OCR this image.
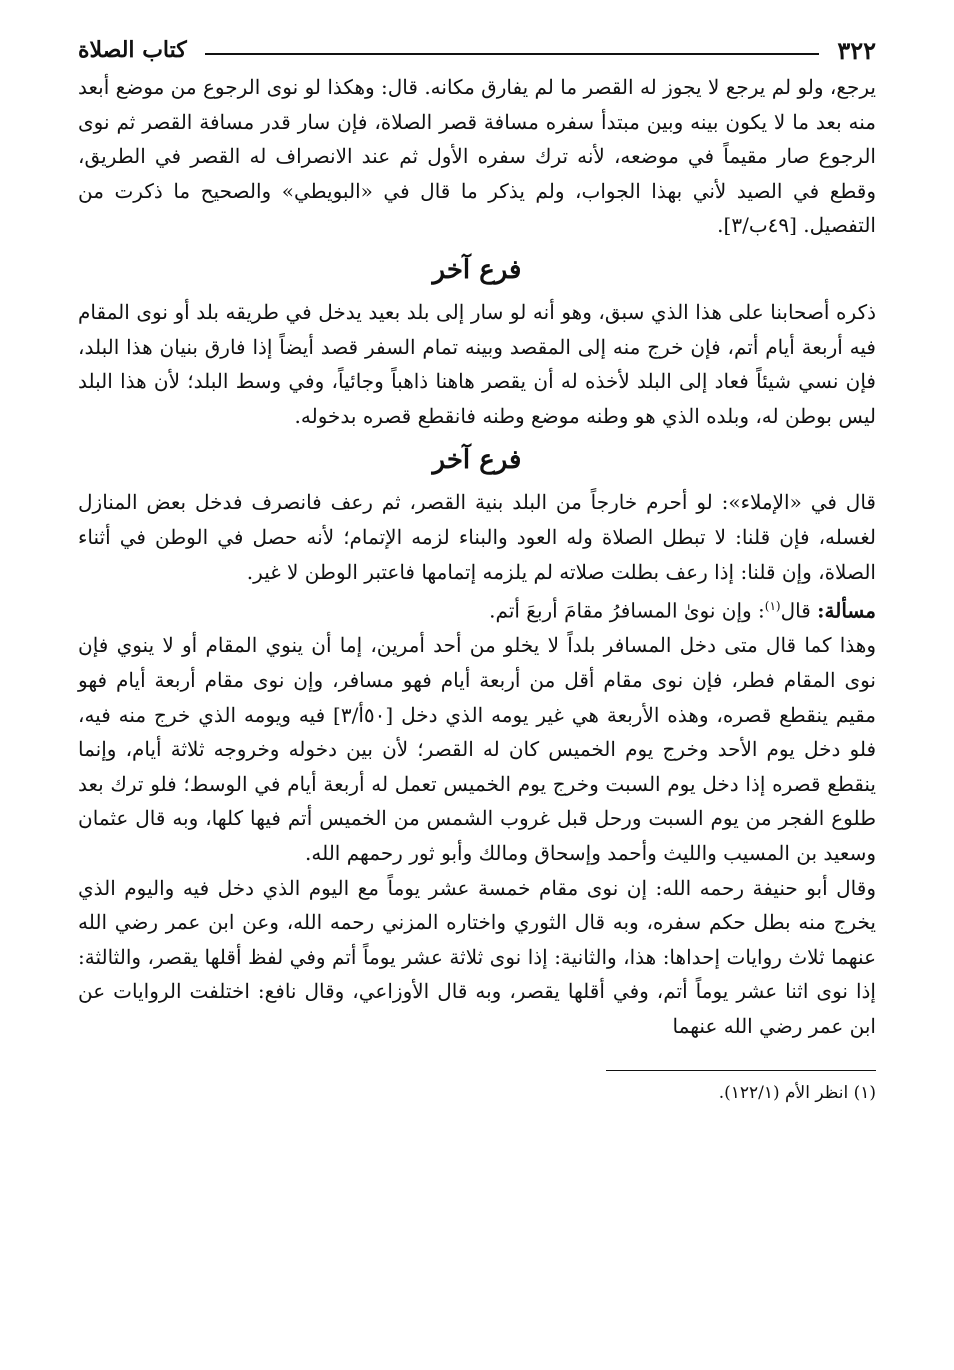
٣٢٢
كتاب الصلاة

يرجع، ولو لم يرجع لا يجوز له القصر ما لم يفارق مكانه. قال: وهكذا لو نوى الرجوع من موضع أبعد منه بعد ما لا يكون بينه وبين مبتدأ سفره مسافة قصر الصلاة، فإن سار قدر مسافة القصر ثم نوى الرجوع صار مقيماً في موضعه، لأنه ترك سفره الأول ثم عند الانصراف له القصر في الطريق، وقطع في الصيد لأني بهذا الجواب، ولم يذكر ما قال في «البويطي» والصحيح ما ذكرت من التفصيل. [٤٩ب/٣].

فرع آخر

ذكره أصحابنا على هذا الذي سبق، وهو أنه لو سار إلى بلد بعيد يدخل في طريقه بلد أو نوى المقام فيه أربعة أيام أتم، فإن خرج منه إلى المقصد وبينه تمام السفر قصد أيضاً إذا فارق بنيان هذا البلد، فإن نسي شيئاً فعاد إلى البلد لأخذه له أن يقصر هاهنا ذاهباً وجائياً، وفي وسط البلد؛ لأن هذا البلد ليس بوطن له، وبلده الذي هو وطنه موضع وطنه فانقطع قصره بدخوله.

فرع آخر

قال في «الإملاء»: لو أحرم خارجاً من البلد بنية القصر، ثم رعف فانصرف فدخل بعض المنازل لغسله، فإن قلنا: لا تبطل الصلاة وله العود والبناء لزمه الإتمام؛ لأنه حصل في الوطن في أثناء الصلاة، وإن قلنا: إذا رعف بطلت صلاته لم يلزمه إتمامها فاعتبر الوطن لا غير.

مسألة: قال$^{(١)}$: وإن نوىٰ المسافرُ مقامَ أربعَ أتم.

وهذا كما قال متى دخل المسافر بلداً لا يخلو من أحد أمرين، إما أن ينوي المقام أو لا ينوي فإن نوى المقام فطر، فإن نوى مقام أقل من أربعة أيام فهو مسافر، وإن نوى مقام أربعة أيام فهو مقيم ينقطع قصره، وهذه الأربعة هي غير يومه الذي دخل [٥٠أ/٣] فيه ويومه الذي خرج منه فيه، فلو دخل يوم الأحد وخرج يوم الخميس كان له القصر؛ لأن بين دخوله وخروجه ثلاثة أيام، وإنما ينقطع قصره إذا دخل يوم السبت وخرج يوم الخميس تعمل له أربعة أيام في الوسط؛ فلو ترك بعد طلوع الفجر من يوم السبت ورحل قبل غروب الشمس من الخميس أتم فيها كلها، وبه قال عثمان وسعيد بن المسيب والليث وأحمد وإسحاق ومالك وأبو ثور رحمهم الله.

وقال أبو حنيفة رحمه الله: إن نوى مقام خمسة عشر يوماً مع اليوم الذي دخل فيه واليوم الذي يخرج منه بطل حكم سفره، وبه قال الثوري واختاره المزني رحمه الله، وعن ابن عمر رضي الله عنهما ثلاث روايات إحداها: هذا، والثانية: إذا نوى ثلاثة عشر يوماً أتم وفي لفظ أقلها يقصر، والثالثة: إذا نوى اثنا عشر يوماً أتم، وفي أقلها يقصر، وبه قال الأوزاعي، وقال نافع: اختلفت الروايات عن ابن عمر رضي الله عنهما

(١) انظر الأم (١٢٢/١).
